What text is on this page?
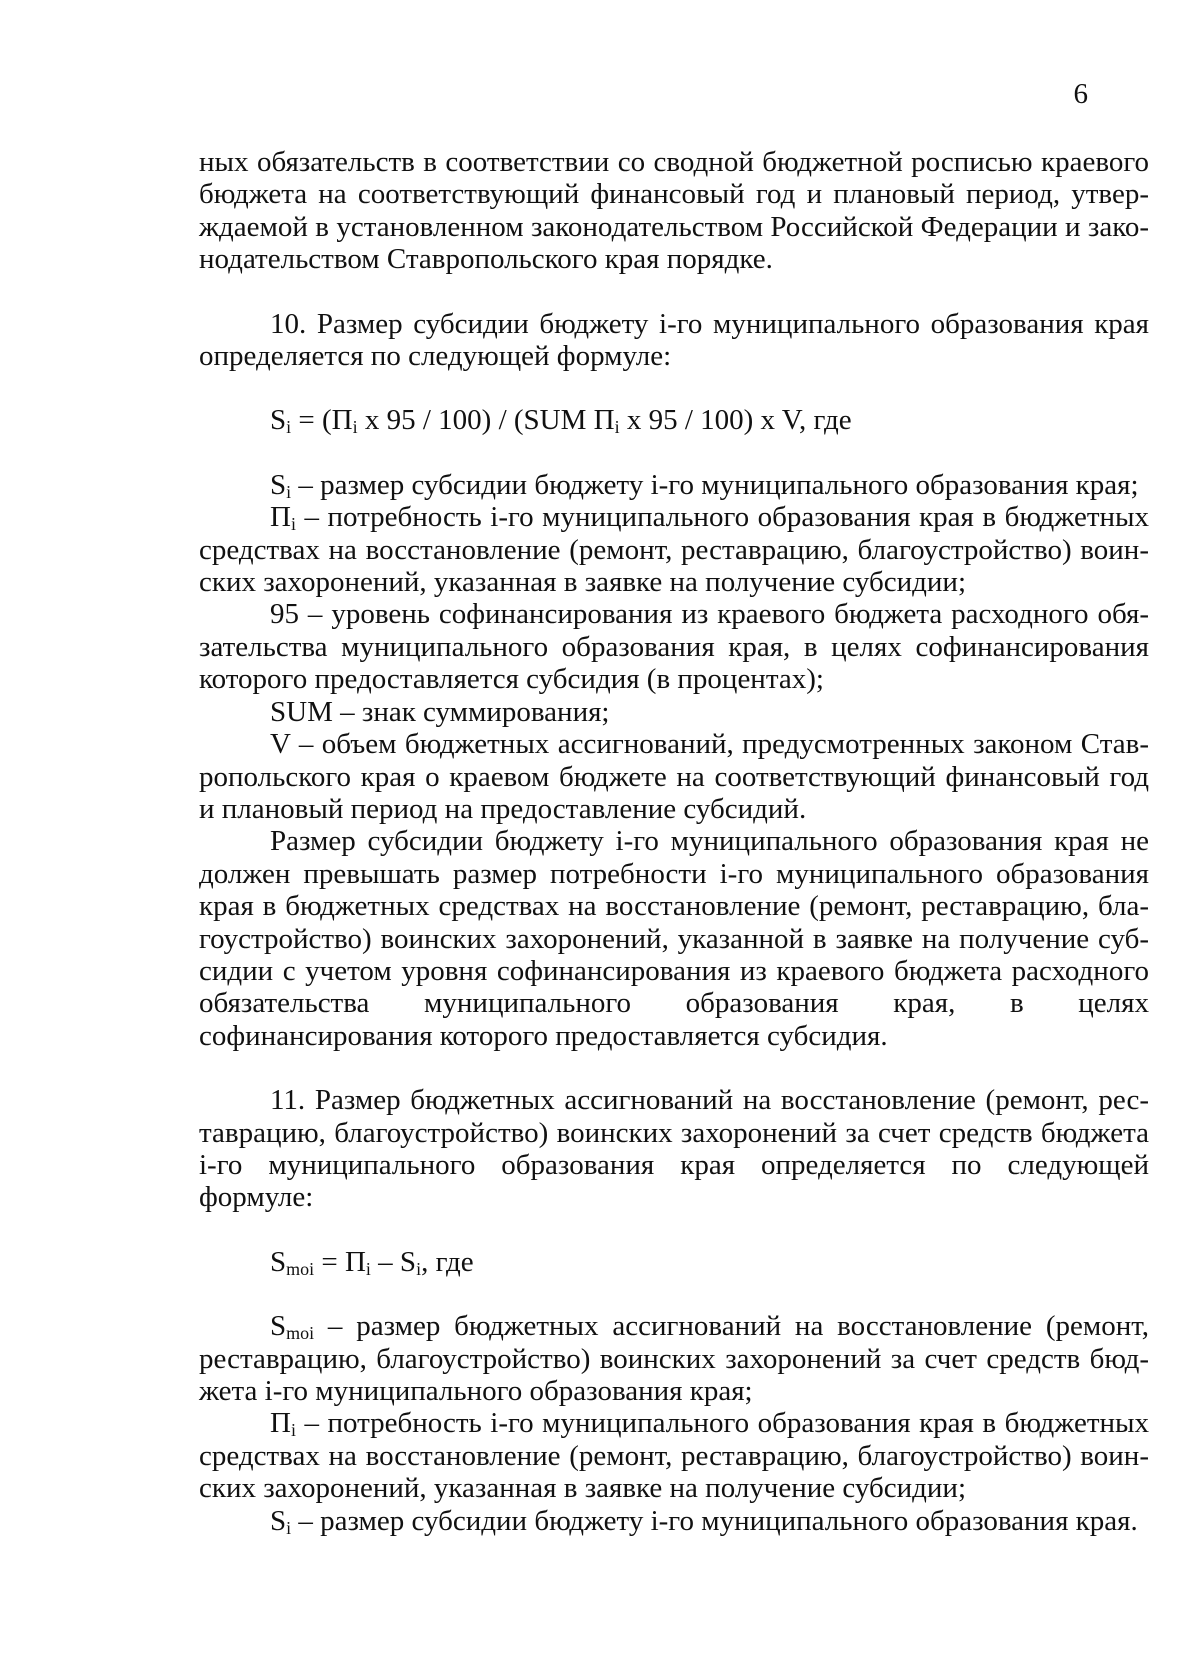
6

ных обязательств в соответствии со сводной бюджетной росписью краевого бюджета на соответствующий финансовый год и плановый период, утверждаемой в установленном законодательством Российской Федерации и законодательством Ставропольского края порядке.

10. Размер субсидии бюджету i-го муниципального образования края определяется по следующей формуле:

$S_i = (П_i$ x 95 / 100) / (SUM $П_i$ x 95 / 100) x V, где

$S_i$ – размер субсидии бюджету i-го муниципального образования края;

$П_i$ – потребность i-го муниципального образования края в бюджетных средствах на восстановление (ремонт, реставрацию, благоустройство) воинских захоронений, указанная в заявке на получение субсидии;

95 – уровень софинансирования из краевого бюджета расходного обязательства муниципального образования края, в целях софинансирования которого предоставляется субсидия (в процентах);

SUM – знак суммирования;

V – объем бюджетных ассигнований, предусмотренных законом Ставропольского края о краевом бюджете на соответствующий финансовый год и плановый период на предоставление субсидий.

Размер субсидии бюджету i-го муниципального образования края не должен превышать размер потребности i-го муниципального образования края в бюджетных средствах на восстановление (ремонт, реставрацию, благоустройство) воинских захоронений, указанной в заявке на получение субсидии с учетом уровня софинансирования из краевого бюджета расходного обязательства муниципального образования края, в целях софинансирования которого предоставляется субсидия.

11. Размер бюджетных ассигнований на восстановление (ремонт, реставрацию, благоустройство) воинских захоронений за счет средств бюджета i-го муниципального образования края определяется по следующей формуле:

$S_{moi} = П_i - S_i$, где

$S_{moi}$ – размер бюджетных ассигнований на восстановление (ремонт, реставрацию, благоустройство) воинских захоронений за счет средств бюджета i-го муниципального образования края;

$П_i$ – потребность i-го муниципального образования края в бюджетных средствах на восстановление (ремонт, реставрацию, благоустройство) воинских захоронений, указанная в заявке на получение субсидии;

$S_i$ – размер субсидии бюджету i-го муниципального образования края.
